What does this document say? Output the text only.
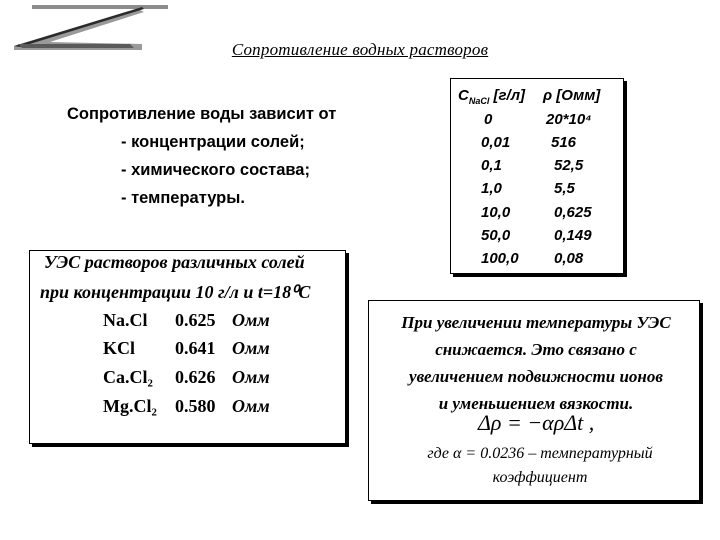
Сопротивление водных растворов
Сопротивление воды зависит от
- концентрации солей;
- химического состава;
- температуры.
УЭС растворов различных солей
при концентрации 10 г/л и t=18⁰C
Na.Cl 0.625 Омм
KCl 0.641 Омм
Ca.Cl₂ 0.626 Омм
Mg.Cl₂ 0.580 Омм
$C_{NaCl}$ [г/л] ρ [Омм]
0	20*10⁴
0,01	516
0,1	52,5
1,0	5,5
10,0	0,625
50,0	0,149
100,0 0,08
При увеличении температуры УЭС
снижается. Это связано с
увеличением подвижности ионов
и уменьшением вязкости.
Δρ = −αρΔt ,
где α = 0.0236 – температурный
коэффициент
